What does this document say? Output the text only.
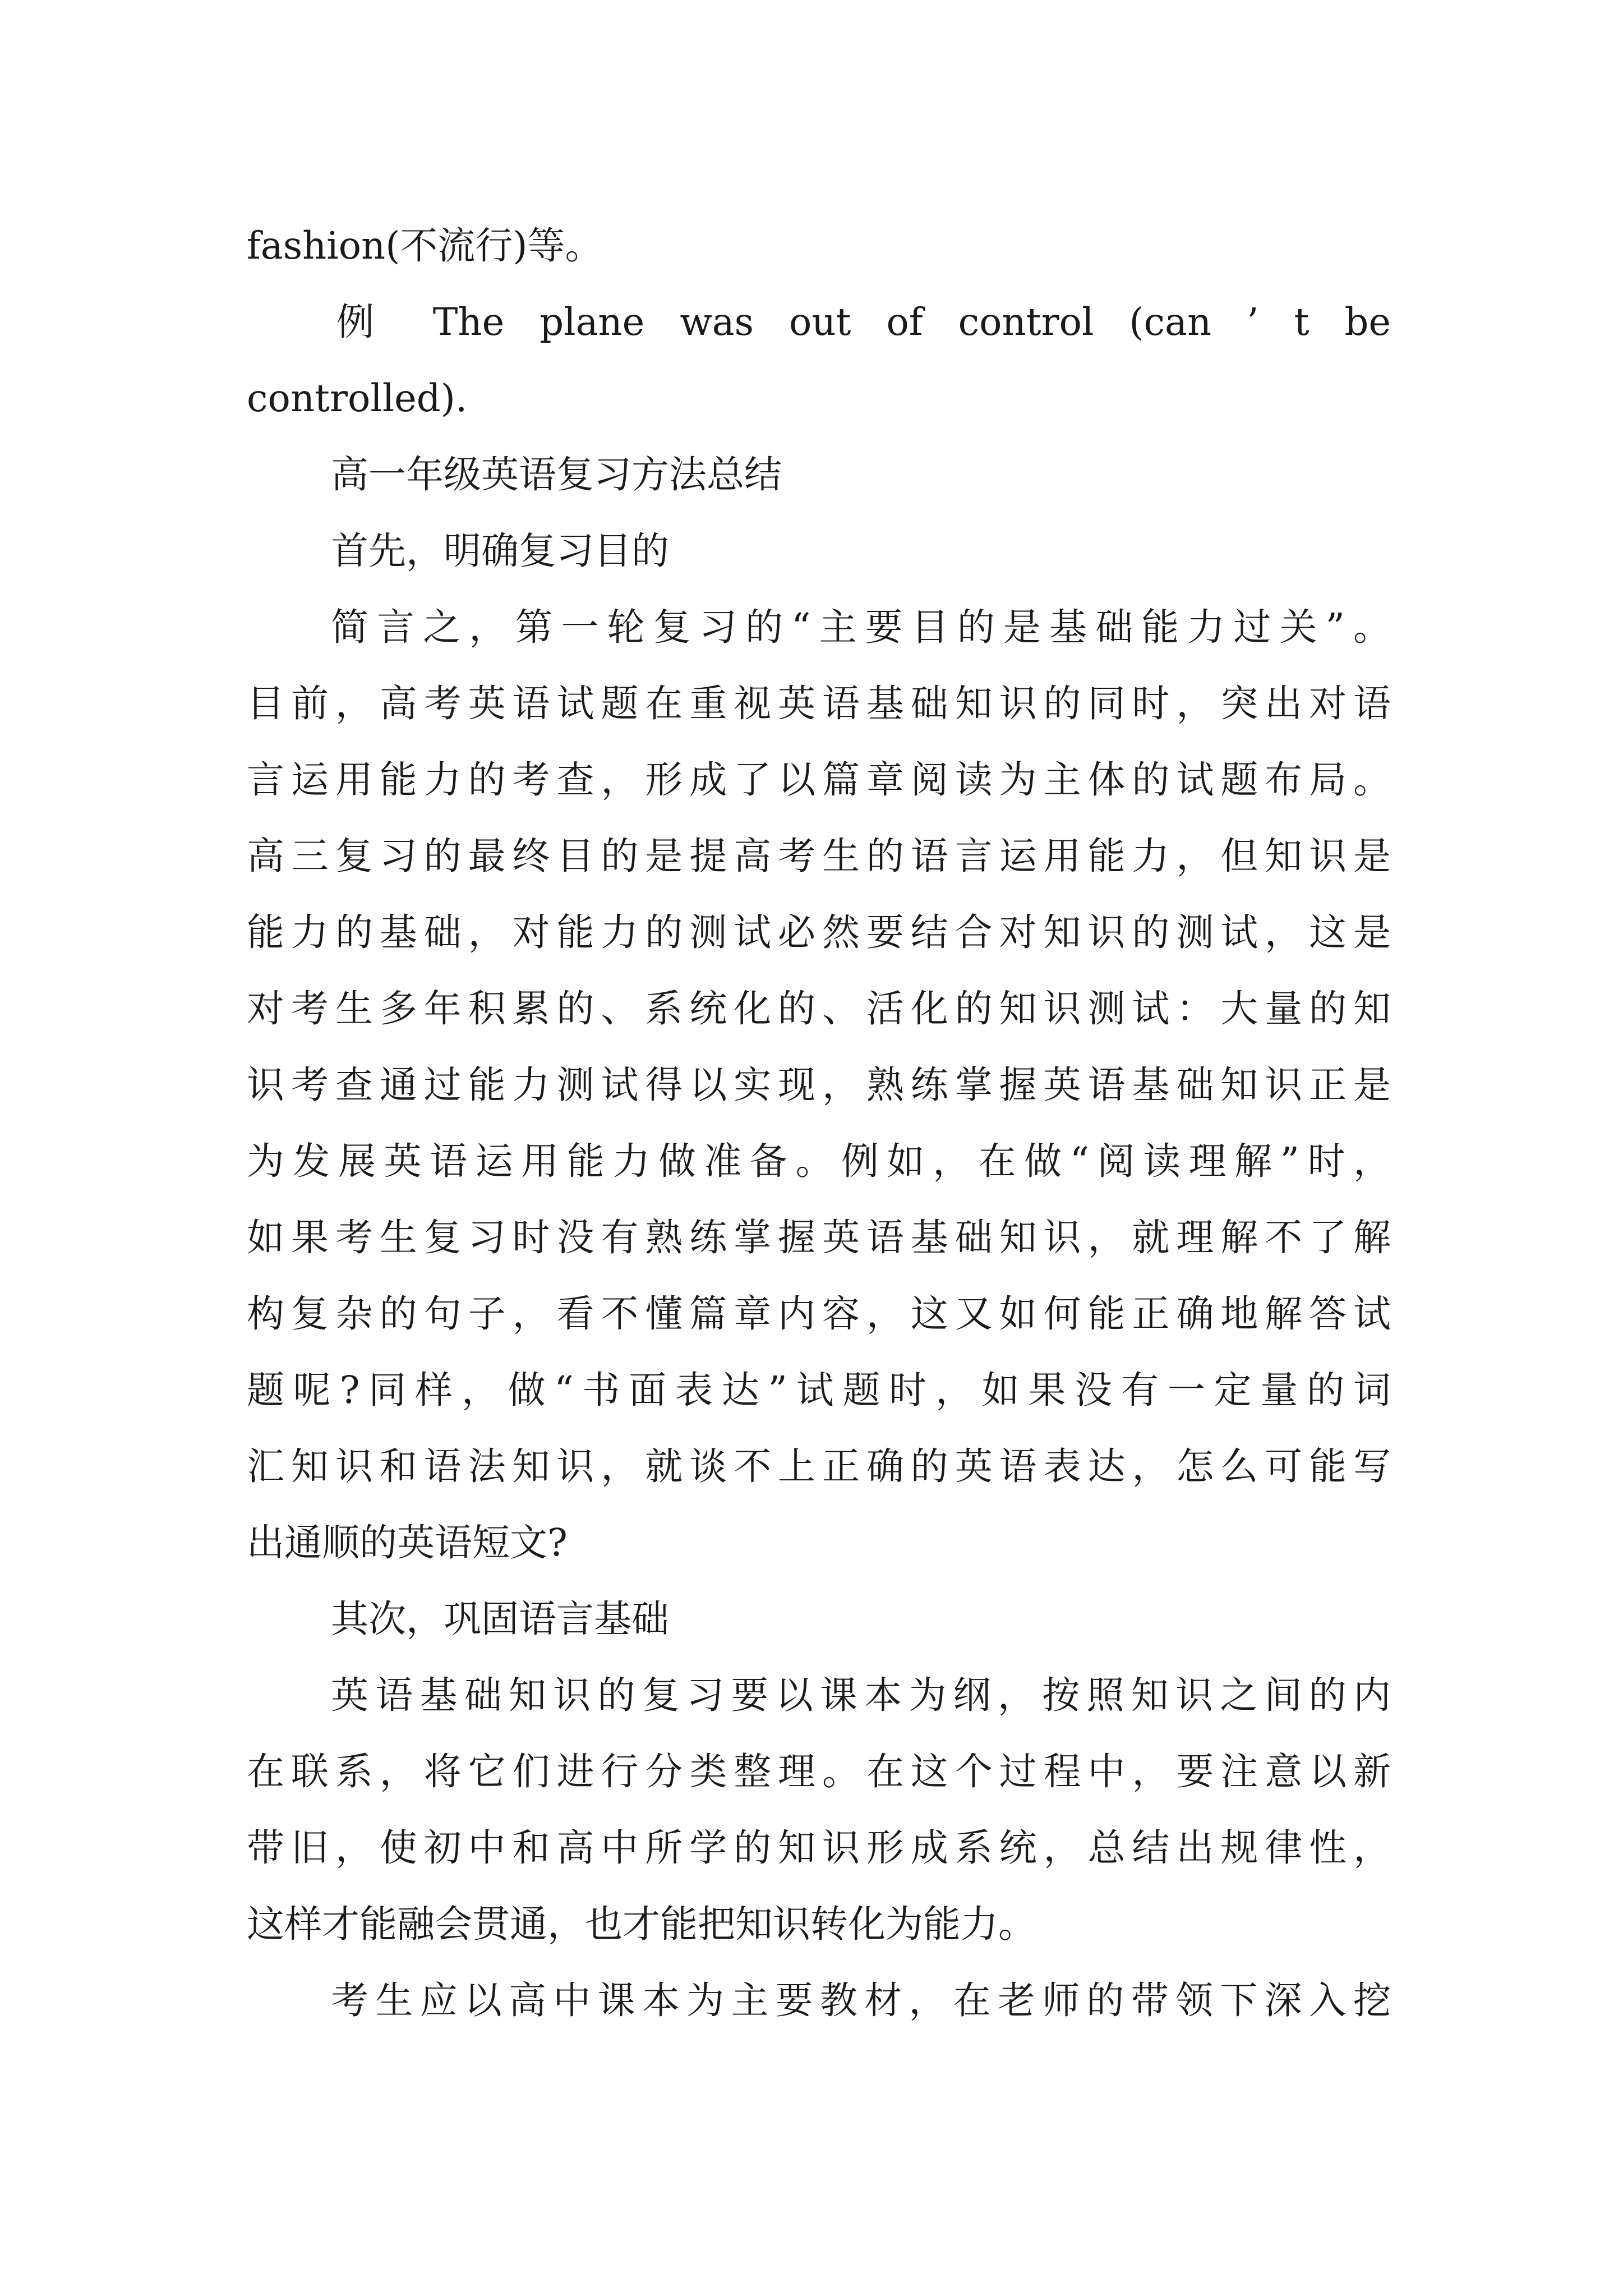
fashion(不流行)等。
例 The plane was out of control (can ’ t be
controlled).
高一年级英语复习方法总结
首先，明确复习目的
简言之，第一轮复习的“主要目的是基础能力过关”。
目前，高考英语试题在重视英语基础知识的同时，突出对语
言运用能力的考查，形成了以篇章阅读为主体的试题布局。
高三复习的最终目的是提高考生的语言运用能力，但知识是
能力的基础，对能力的测试必然要结合对知识的测试，这是
对考生多年积累的、系统化的、活化的知识测试：大量的知
识考查通过能力测试得以实现，熟练掌握英语基础知识正是
为发展英语运用能力做准备。例如，在做“阅读理解”时，
如果考生复习时没有熟练掌握英语基础知识，就理解不了解
构复杂的句子，看不懂篇章内容，这又如何能正确地解答试
题呢?同样，做“书面表达”试题时，如果没有一定量的词
汇知识和语法知识，就谈不上正确的英语表达，怎么可能写
出通顺的英语短文?
其次，巩固语言基础
英语基础知识的复习要以课本为纲，按照知识之间的内
在联系，将它们进行分类整理。在这个过程中，要注意以新
带旧，使初中和高中所学的知识形成系统，总结出规律性，
这样才能融会贯通，也才能把知识转化为能力。
考生应以高中课本为主要教材，在老师的带领下深入挖
